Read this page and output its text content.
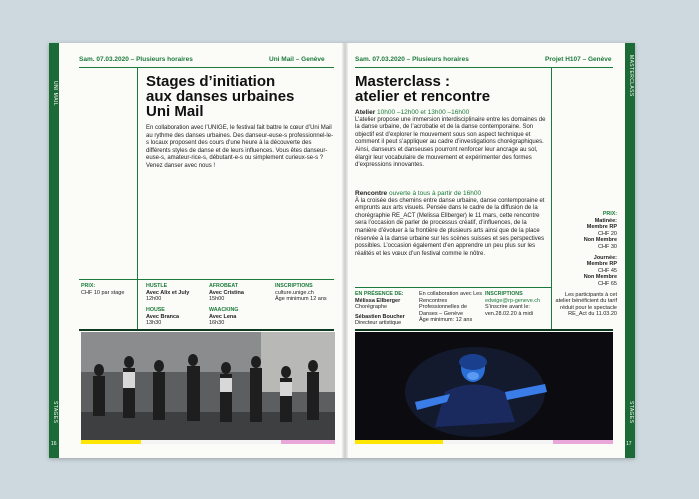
UNI MAIL
STAGES
16
Sam. 07.03.2020 – Plusieurs horaires	Uni Mail – Genève
Stages d’initiation
aux danses urbaines
Uni Mail
En collaboration avec l’UNIGE, le festival fait battre le cœur d’Uni Mail au rythme des danses urbaines. Des danseur-euse-s professionnel-le-s locaux proposent des cours d’une heure à la découverte des différents styles de danse et de leurs influences. Vous êtes danseur-euse-s, amateur-rice-s, débutant-e-s ou simplement curieux-se-s ? Venez danser avec nous !
PRIX:
CHF 10 par stage
HUSTLE
Avec Alix et July
12h00
AFROBEAT
Avec Cristina
15h00
HOUSE
Avec Branca
13h30
WAACKING
Avec Lena
16h30
INSCRIPTIONS
culture.unige.ch
Âge minimum 12 ans
MASTERCLASS
STAGES
17
Sam. 07.03.2020 – Plusieurs horaires	Projet H107 – Genève
Masterclass :
atelier et rencontre
Atelier 10h00 –12h00 et 13h00 –16h00
L’atelier propose une immersion interdisciplinaire entre les domaines de la danse urbaine, de l’acrobatie et de la danse contemporaine. Son objectif est d’explorer le mouvement sous son aspect technique et comment il peut s’appliquer au cadre d’investigations chorégraphiques. Ainsi, danseurs et danseuses pourront renforcer leur ancrage au sol, élargir leur vocabulaire de mouvement et expérimenter des formes d’expressions innovantes.
Rencontre ouverte à tous à partir de 16h00
À la croisée des chemins entre danse urbaine, danse contemporaine et emprunts aux arts visuels. Pensée dans le cadre de la diffusion de la chorégraphie RE_ACT (Melissa Ellberger) le 11 mars, cette rencontre sera l’occasion de parler de processus créatif, d’influences, de la manière d’évoluer à la frontière de plusieurs arts ainsi que de la place réservée à la danse urbaine sur les scènes suisses et ses perspectives possibles. L’occasion également d’en apprendre un peu plus sur les réalités et les vœux d’un festival comme le nôtre.
PRIX:
Matinée:
Membre RP
CHF 20
Non Membre
CHF 30
Journée:
Membre RP
CHF 45
Non Membre
CHF 65
Les participants à cet atelier bénéficient du tarif réduit pour le spectacle RE_Act du 11.03.20
EN PRÉSENCE DE:
Mélissa Ellberger
Chorégraphe
Sébastien Boucher
Directeur artistique
En collaboration avec Les Rencontres Professionnelles de Danses – Genève
Âge minimum: 12 ans
INSCRIPTIONS
edwige@rp-geneve.ch
S’inscrire avant le: ven.28.02.20 à midi
